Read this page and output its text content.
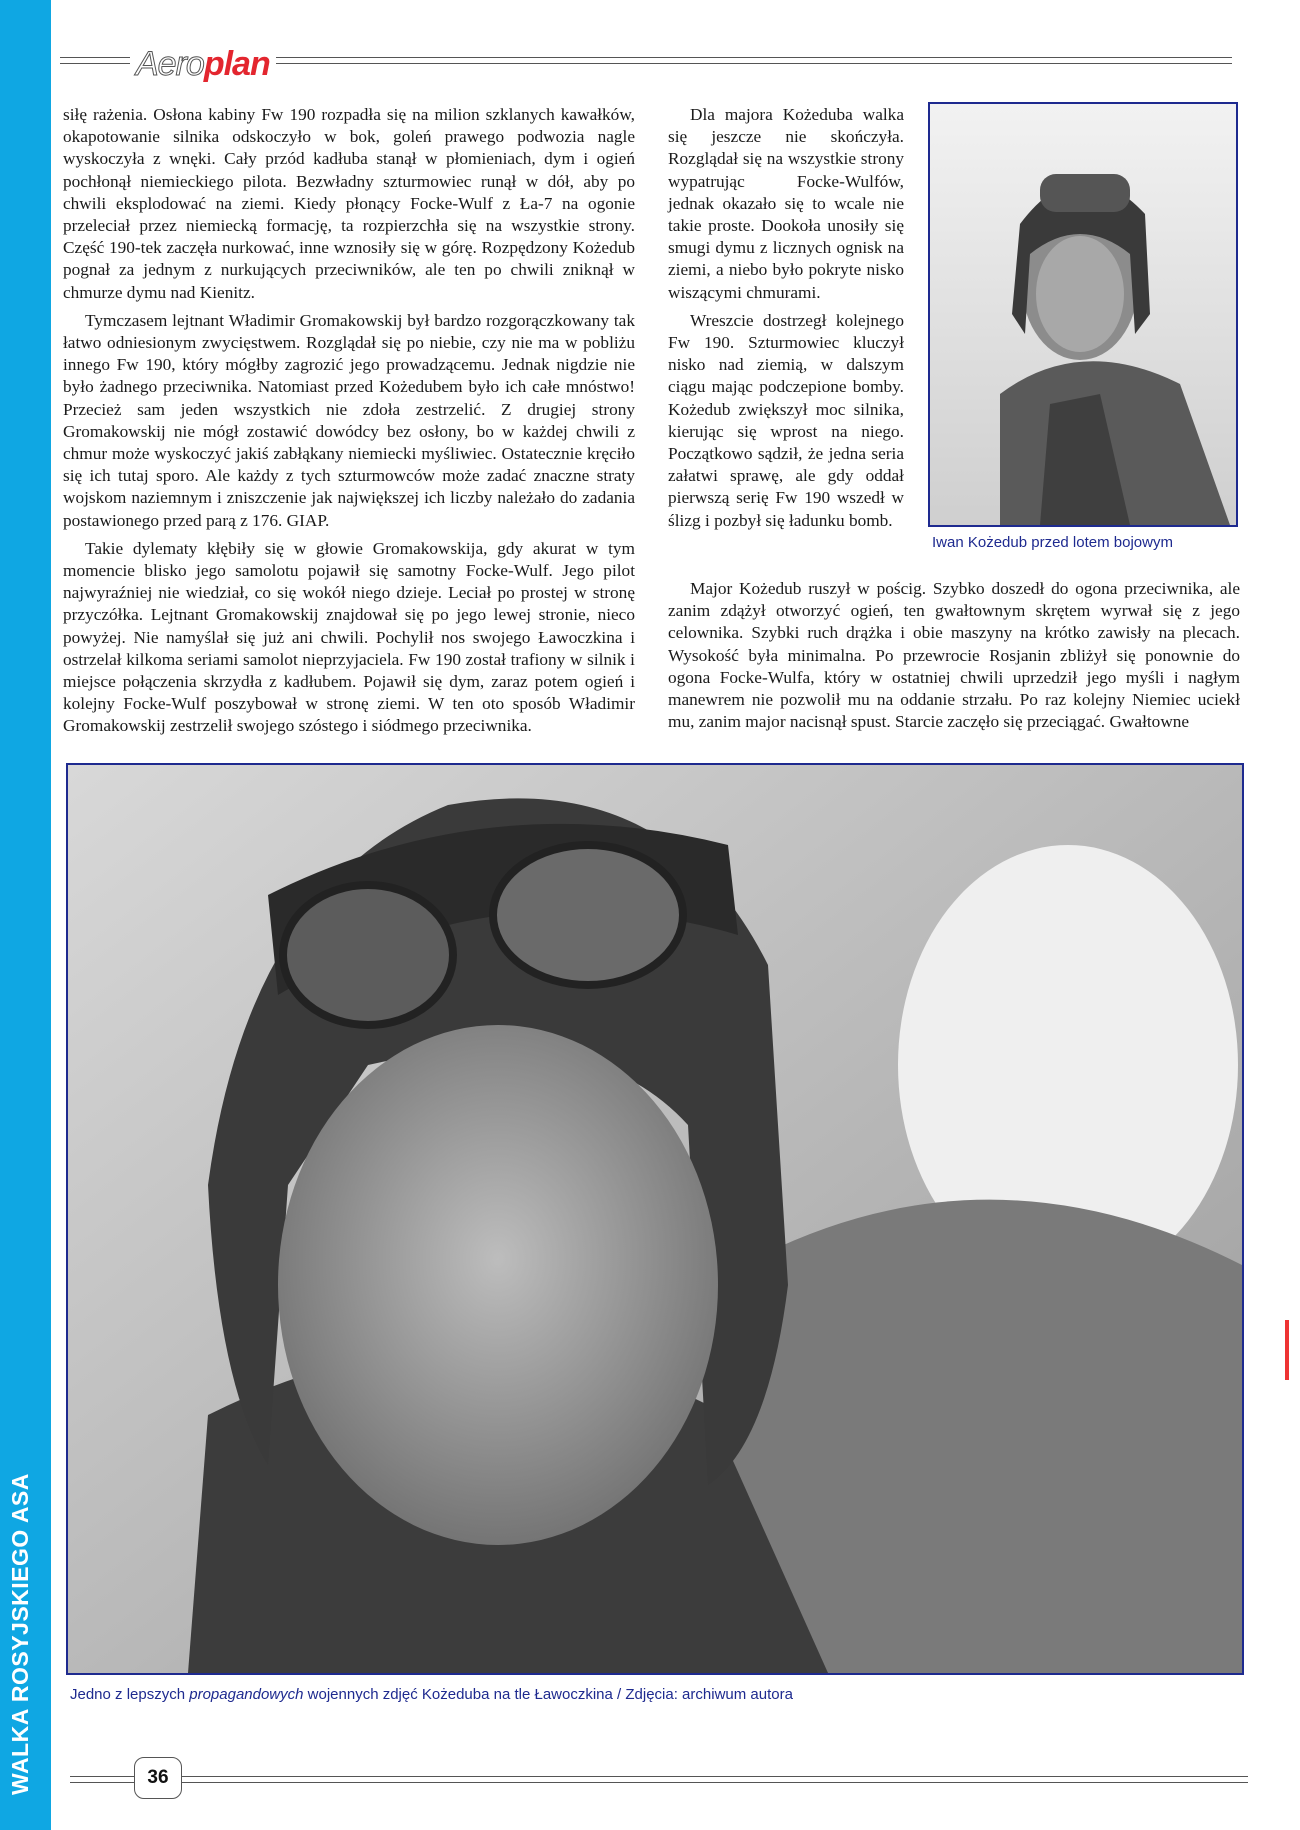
WALKA ROSYJSKIEGO ASA
Aeroplan

siłę rażenia. Osłona kabiny Fw 190 rozpadła się na milion szklanych kawałków, okapotowanie silnika odskoczyło w bok, goleń prawego podwozia nagle wyskoczyła z wnęki. Cały przód kadłuba stanął w płomieniach, dym i ogień pochłonął niemieckiego pilota. Bezwładny szturmowiec runął w dół, aby po chwili eksplodować na ziemi. Kiedy płonący Focke-Wulf z Ła-7 na ogonie przeleciał przez niemiecką formację, ta rozpierzchła się na wszystkie strony. Część 190-tek zaczęła nurkować, inne wznosiły się w górę. Rozpędzony Kożedub pognał za jednym z nurkujących przeciwników, ale ten po chwili zniknął w chmurze dymu nad Kienitz.

Tymczasem lejtnant Władimir Gromakowskij był bardzo rozgorączkowany tak łatwo odniesionym zwycięstwem. Rozglądał się po niebie, czy nie ma w pobliżu innego Fw 190, który mógłby zagrozić jego prowadzącemu. Jednak nigdzie nie było żadnego przeciwnika. Natomiast przed Kożedubem było ich całe mnóstwo! Przecież sam jeden wszystkich nie zdoła zestrzelić. Z drugiej strony Gromakowskij nie mógł zostawić dowódcy bez osłony, bo w każdej chwili z chmur może wyskoczyć jakiś zabłąkany niemiecki myśliwiec. Ostatecznie kręciło się ich tutaj sporo. Ale każdy z tych szturmowców może zadać znaczne straty wojskom naziemnym i zniszczenie jak największej ich liczby należało do zadania postawionego przed parą z 176. GIAP.

Takie dylematy kłębiły się w głowie Gromakowskija, gdy akurat w tym momencie blisko jego samolotu pojawił się samotny Focke-Wulf. Jego pilot najwyraźniej nie wiedział, co się wokół niego dzieje. Leciał po prostej w stronę przyczółka. Lejtnant Gromakowskij znajdował się po jego lewej stronie, nieco powyżej. Nie namyślał się już ani chwili. Pochylił nos swojego Ławoczkina i ostrzelał kilkoma seriami samolot nieprzyjaciela. Fw 190 został trafiony w silnik i miejsce połączenia skrzydła z kadłubem. Pojawił się dym, zaraz potem ogień i kolejny Focke-Wulf poszybował w stronę ziemi. W ten oto sposób Władimir Gromakowskij zestrzelił swojego szóstego i siódmego przeciwnika.

Dla majora Kożeduba walka się jeszcze nie skończyła. Rozglądał się na wszystkie strony wypatrując Focke-Wulfów, jednak okazało się to wcale nie takie proste. Dookoła unosiły się smugi dymu z licznych ognisk na ziemi, a niebo było pokryte nisko wiszącymi chmurami.

Wreszcie dostrzegł kolejnego Fw 190. Szturmowiec kluczył nisko nad ziemią, w dalszym ciągu mając podczepione bomby. Kożedub zwiększył moc silnika, kierując się wprost na niego. Początkowo sądził, że jedna seria załatwi sprawę, ale gdy oddał pierwszą serię Fw 190 wszedł w ślizg i pozbył się ładunku bomb.

Major Kożedub ruszył w pościg. Szybko doszedł do ogona przeciwnika, ale zanim zdążył otworzyć ogień, ten gwałtownym skrętem wyrwał się z jego celownika. Szybki ruch drążka i obie maszyny na krótko zawisły na plecach. Wysokość była minimalna. Po przewrocie Rosjanin zbliżył się ponownie do ogona Focke-Wulfa, który w ostatniej chwili uprzedził jego myśli i nagłym manewrem nie pozwolił mu na oddanie strzału. Po raz kolejny Niemiec uciekł mu, zanim major nacisnął spust. Starcie zaczęło się przeciągać. Gwałtowne

Iwan Kożedub przed lotem bojowym
Jedno z lepszych propagandowych wojennych zdjęć Kożeduba na tle Ławoczkina / Zdjęcia: archiwum autora
36
